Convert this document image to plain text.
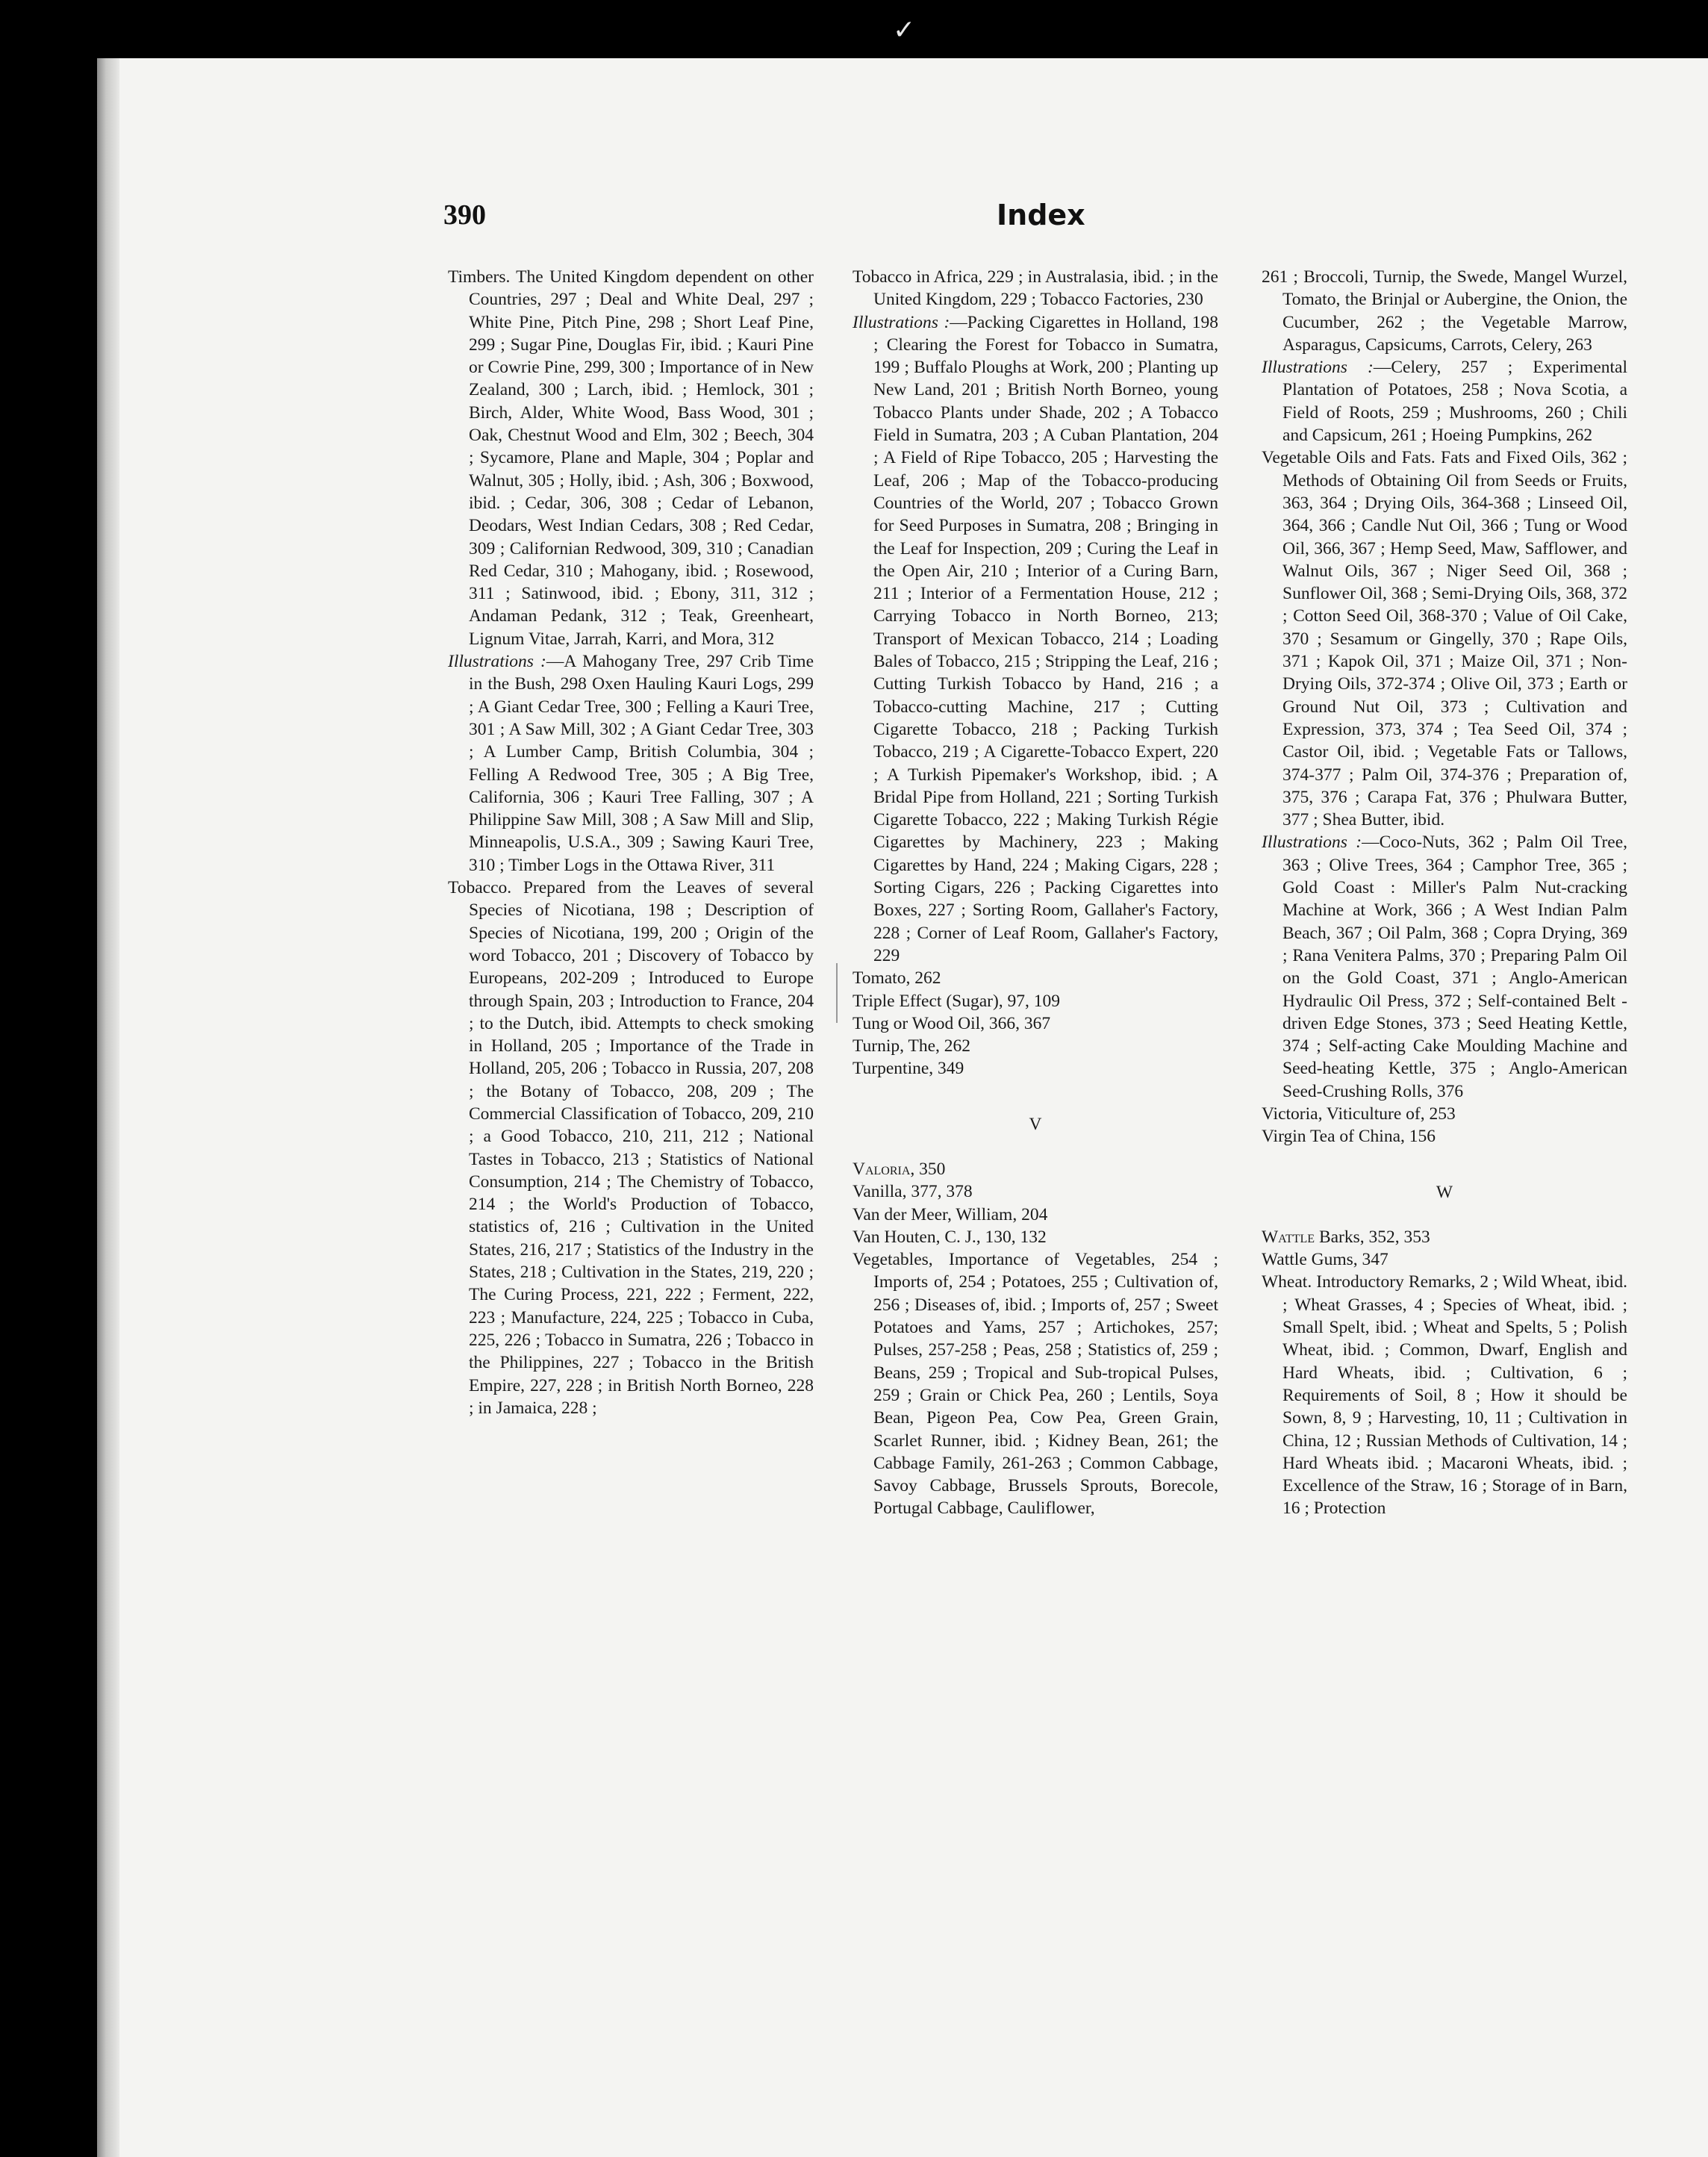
✓
390	Index
Timbers. The United Kingdom dependent on other Countries, 297 ; Deal and White Deal, 297 ; White Pine, Pitch Pine, 298 ; Short Leaf Pine, 299 ; Sugar Pine, Douglas Fir, ibid. ; Kauri Pine or Cowrie Pine, 299, 300 ; Importance of in New Zealand, 300 ; Larch, ibid. ; Hemlock, 301 ; Birch, Alder, White Wood, Bass Wood, 301 ; Oak, Chestnut Wood and Elm, 302 ; Beech, 304 ; Sycamore, Plane and Maple, 304 ; Poplar and Walnut, 305 ; Holly, ibid. ; Ash, 306 ; Boxwood, ibid. ; Cedar, 306, 308 ; Cedar of Lebanon, Deodars, West Indian Cedars, 308 ; Red Cedar, 309 ; Californian Redwood, 309, 310 ; Canadian Red Cedar, 310 ; Mahogany, ibid. ; Rosewood, 311 ; Satinwood, ibid. ; Ebony, 311, 312 ; Andaman Pedank, 312 ; Teak, Greenheart, Lignum Vitae, Jarrah, Karri, and Mora, 312
Illustrations :—A Mahogany Tree, 297 Crib Time in the Bush, 298 Oxen Hauling Kauri Logs, 299 ; A Giant Cedar Tree, 300 ; Felling a Kauri Tree, 301 ; A Saw Mill, 302 ; A Giant Cedar Tree, 303 ; A Lumber Camp, British Columbia, 304 ; Felling A Redwood Tree, 305 ; A Big Tree, California, 306 ; Kauri Tree Falling, 307 ; A Philippine Saw Mill, 308 ; A Saw Mill and Slip, Minneapolis, U.S.A., 309 ; Sawing Kauri Tree, 310 ; Timber Logs in the Ottawa River, 311
Tobacco. Prepared from the Leaves of several Species of Nicotiana, 198 ; Description of Species of Nicotiana, 199, 200 ; Origin of the word Tobacco, 201 ; Discovery of Tobacco by Europeans, 202-209 ; Introduced to Europe through Spain, 203 ; Introduction to France, 204 ; to the Dutch, ibid. Attempts to check smoking in Holland, 205 ; Importance of the Trade in Holland, 205, 206 ; Tobacco in Russia, 207, 208 ; the Botany of Tobacco, 208, 209 ; The Commercial Classification of Tobacco, 209, 210 ; a Good Tobacco, 210, 211, 212 ; National Tastes in Tobacco, 213 ; Statistics of National Consumption, 214 ; The Chemistry of Tobacco, 214 ; the World's Production of Tobacco, statistics of, 216 ; Cultivation in the United States, 216, 217 ; Statistics of the Industry in the States, 218 ; Cultivation in the States, 219, 220 ; The Curing Process, 221, 222 ; Ferment, 222, 223 ; Manufacture, 224, 225 ; Tobacco in Cuba, 225, 226 ; Tobacco in Sumatra, 226 ; Tobacco in the Philippines, 227 ; Tobacco in the British Empire, 227, 228 ; in British North Borneo, 228 ; in Jamaica, 228 ;
Tobacco in Africa, 229 ; in Australasia, ibid. ; in the United Kingdom, 229 ; Tobacco Factories, 230
Illustrations :—Packing Cigarettes in Holland, 198 ; Clearing the Forest for Tobacco in Sumatra, 199 ; Buffalo Ploughs at Work, 200 ; Planting up New Land, 201 ; British North Borneo, young Tobacco Plants under Shade, 202 ; A Tobacco Field in Sumatra, 203 ; A Cuban Plantation, 204 ; A Field of Ripe Tobacco, 205 ; Harvesting the Leaf, 206 ; Map of the Tobacco-producing Countries of the World, 207 ; Tobacco Grown for Seed Purposes in Sumatra, 208 ; Bringing in the Leaf for Inspection, 209 ; Curing the Leaf in the Open Air, 210 ; Interior of a Curing Barn, 211 ; Interior of a Fermentation House, 212 ; Carrying Tobacco in North Borneo, 213; Transport of Mexican Tobacco, 214 ; Loading Bales of Tobacco, 215 ; Stripping the Leaf, 216 ; Cutting Turkish Tobacco by Hand, 216 ; a Tobacco-cutting Machine, 217 ; Cutting Cigarette Tobacco, 218 ; Packing Turkish Tobacco, 219 ; A Cigarette-Tobacco Expert, 220 ; A Turkish Pipemaker's Workshop, ibid. ; A Bridal Pipe from Holland, 221 ; Sorting Turkish Cigarette Tobacco, 222 ; Making Turkish Régie Cigarettes by Machinery, 223 ; Making Cigarettes by Hand, 224 ; Making Cigars, 228 ; Sorting Cigars, 226 ; Packing Cigarettes into Boxes, 227 ; Sorting Room, Gallaher's Factory, 228 ; Corner of Leaf Room, Gallaher's Factory, 229
Tomato, 262
Triple Effect (Sugar), 97, 109
Tung or Wood Oil, 366, 367
Turnip, The, 262
Turpentine, 349
V
Valoria, 350
Vanilla, 377, 378
Van der Meer, William, 204
Van Houten, C. J., 130, 132
Vegetables, Importance of Vegetables, 254 ; Imports of, 254 ; Potatoes, 255 ; Cultivation of, 256 ; Diseases of, ibid. ; Imports of, 257 ; Sweet Potatoes and Yams, 257 ; Artichokes, 257; Pulses, 257-258 ; Peas, 258 ; Statistics of, 259 ; Beans, 259 ; Tropical and Sub-tropical Pulses, 259 ; Grain or Chick Pea, 260 ; Lentils, Soya Bean, Pigeon Pea, Cow Pea, Green Grain, Scarlet Runner, ibid. ; Kidney Bean, 261; the Cabbage Family, 261-263 ; Common Cabbage, Savoy Cabbage, Brussels Sprouts, Borecole, Portugal Cabbage, Cauliflower,
261 ; Broccoli, Turnip, the Swede, Mangel Wurzel, Tomato, the Brinjal or Aubergine, the Onion, the Cucumber, 262 ; the Vegetable Marrow, Asparagus, Capsicums, Carrots, Celery, 263
Illustrations :—Celery, 257 ; Experimental Plantation of Potatoes, 258 ; Nova Scotia, a Field of Roots, 259 ; Mushrooms, 260 ; Chili and Capsicum, 261 ; Hoeing Pumpkins, 262
Vegetable Oils and Fats. Fats and Fixed Oils, 362 ; Methods of Obtaining Oil from Seeds or Fruits, 363, 364 ; Drying Oils, 364-368 ; Linseed Oil, 364, 366 ; Candle Nut Oil, 366 ; Tung or Wood Oil, 366, 367 ; Hemp Seed, Maw, Safflower, and Walnut Oils, 367 ; Niger Seed Oil, 368 ; Sunflower Oil, 368 ; Semi-Drying Oils, 368, 372 ; Cotton Seed Oil, 368-370 ; Value of Oil Cake, 370 ; Sesamum or Gingelly, 370 ; Rape Oils, 371 ; Kapok Oil, 371 ; Maize Oil, 371 ; Non-Drying Oils, 372-374 ; Olive Oil, 373 ; Earth or Ground Nut Oil, 373 ; Cultivation and Expression, 373, 374 ; Tea Seed Oil, 374 ; Castor Oil, ibid. ; Vegetable Fats or Tallows, 374-377 ; Palm Oil, 374-376 ; Preparation of, 375, 376 ; Carapa Fat, 376 ; Phulwara Butter, 377 ; Shea Butter, ibid.
Illustrations :—Coco-Nuts, 362 ; Palm Oil Tree, 363 ; Olive Trees, 364 ; Camphor Tree, 365 ; Gold Coast : Miller's Palm Nut-cracking Machine at Work, 366 ; A West Indian Palm Beach, 367 ; Oil Palm, 368 ; Copra Drying, 369 ; Rana Venitera Palms, 370 ; Preparing Palm Oil on the Gold Coast, 371 ; Anglo-American Hydraulic Oil Press, 372 ; Self-contained Belt - driven Edge Stones, 373 ; Seed Heating Kettle, 374 ; Self-acting Cake Moulding Machine and Seed-heating Kettle, 375 ; Anglo-American Seed-Crushing Rolls, 376
Victoria, Viticulture of, 253
Virgin Tea of China, 156
W
Wattle Barks, 352, 353
Wattle Gums, 347
Wheat. Introductory Remarks, 2 ; Wild Wheat, ibid. ; Wheat Grasses, 4 ; Species of Wheat, ibid. ; Small Spelt, ibid. ; Wheat and Spelts, 5 ; Polish Wheat, ibid. ; Common, Dwarf, English and Hard Wheats, ibid. ; Cultivation, 6 ; Requirements of Soil, 8 ; How it should be Sown, 8, 9 ; Harvesting, 10, 11 ; Cultivation in China, 12 ; Russian Methods of Cultivation, 14 ; Hard Wheats ibid. ; Macaroni Wheats, ibid. ; Excellence of the Straw, 16 ; Storage of in Barn, 16 ; Protection
